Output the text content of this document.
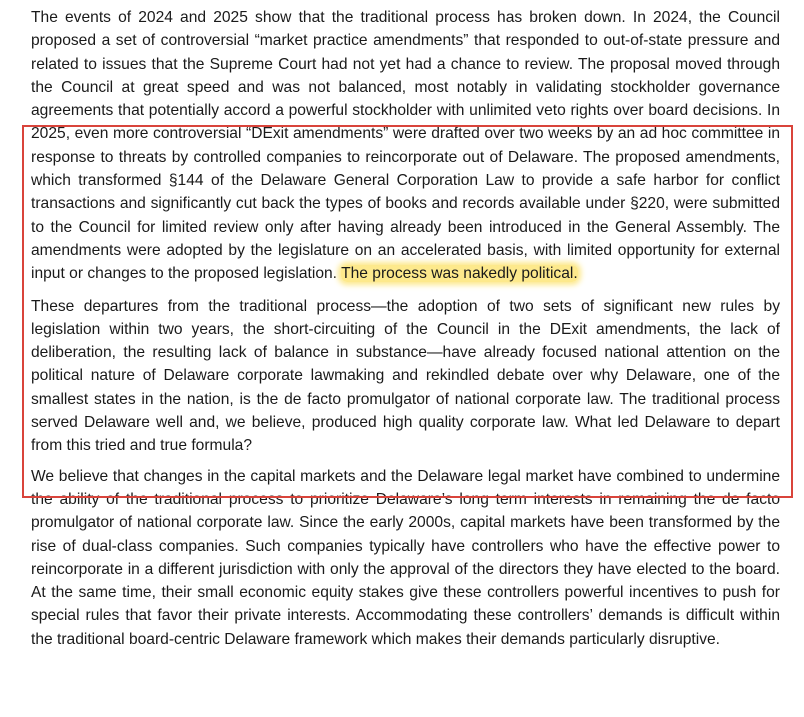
The events of 2024 and 2025 show that the traditional process has broken down. In 2024, the Council proposed a set of controversial “market practice amendments” that responded to out-of-state pressure and related to issues that the Supreme Court had not yet had a chance to review. The proposal moved through the Council at great speed and was not balanced, most notably in validating stockholder governance agreements that potentially accord a powerful stockholder with unlimited veto rights over board decisions. In 2025, even more controversial “DExit amendments” were drafted over two weeks by an ad hoc committee in response to threats by controlled companies to reincorporate out of Delaware. The proposed amendments, which transformed §144 of the Delaware General Corporation Law to provide a safe harbor for conflict transactions and significantly cut back the types of books and records available under §220, were submitted to the Council for limited review only after having already been introduced in the General Assembly. The amendments were adopted by the legislature on an accelerated basis, with limited opportunity for external input or changes to the proposed legislation. The process was nakedly political.

These departures from the traditional process—the adoption of two sets of significant new rules by legislation within two years, the short-circuiting of the Council in the DExit amendments, the lack of deliberation, the resulting lack of balance in substance—have already focused national attention on the political nature of Delaware corporate lawmaking and rekindled debate over why Delaware, one of the smallest states in the nation, is the de facto promulgator of national corporate law. The traditional process served Delaware well and, we believe, produced high quality corporate law. What led Delaware to depart from this tried and true formula?

We believe that changes in the capital markets and the Delaware legal market have combined to undermine the ability of the traditional process to prioritize Delaware’s long term interests in remaining the de facto promulgator of national corporate law. Since the early 2000s, capital markets have been transformed by the rise of dual-class companies. Such companies typically have controllers who have the effective power to reincorporate in a different jurisdiction with only the approval of the directors they have elected to the board. At the same time, their small economic equity stakes give these controllers powerful incentives to push for special rules that favor their private interests. Accommodating these controllers’ demands is difficult within the traditional board-centric Delaware framework which makes their demands particularly disruptive.
